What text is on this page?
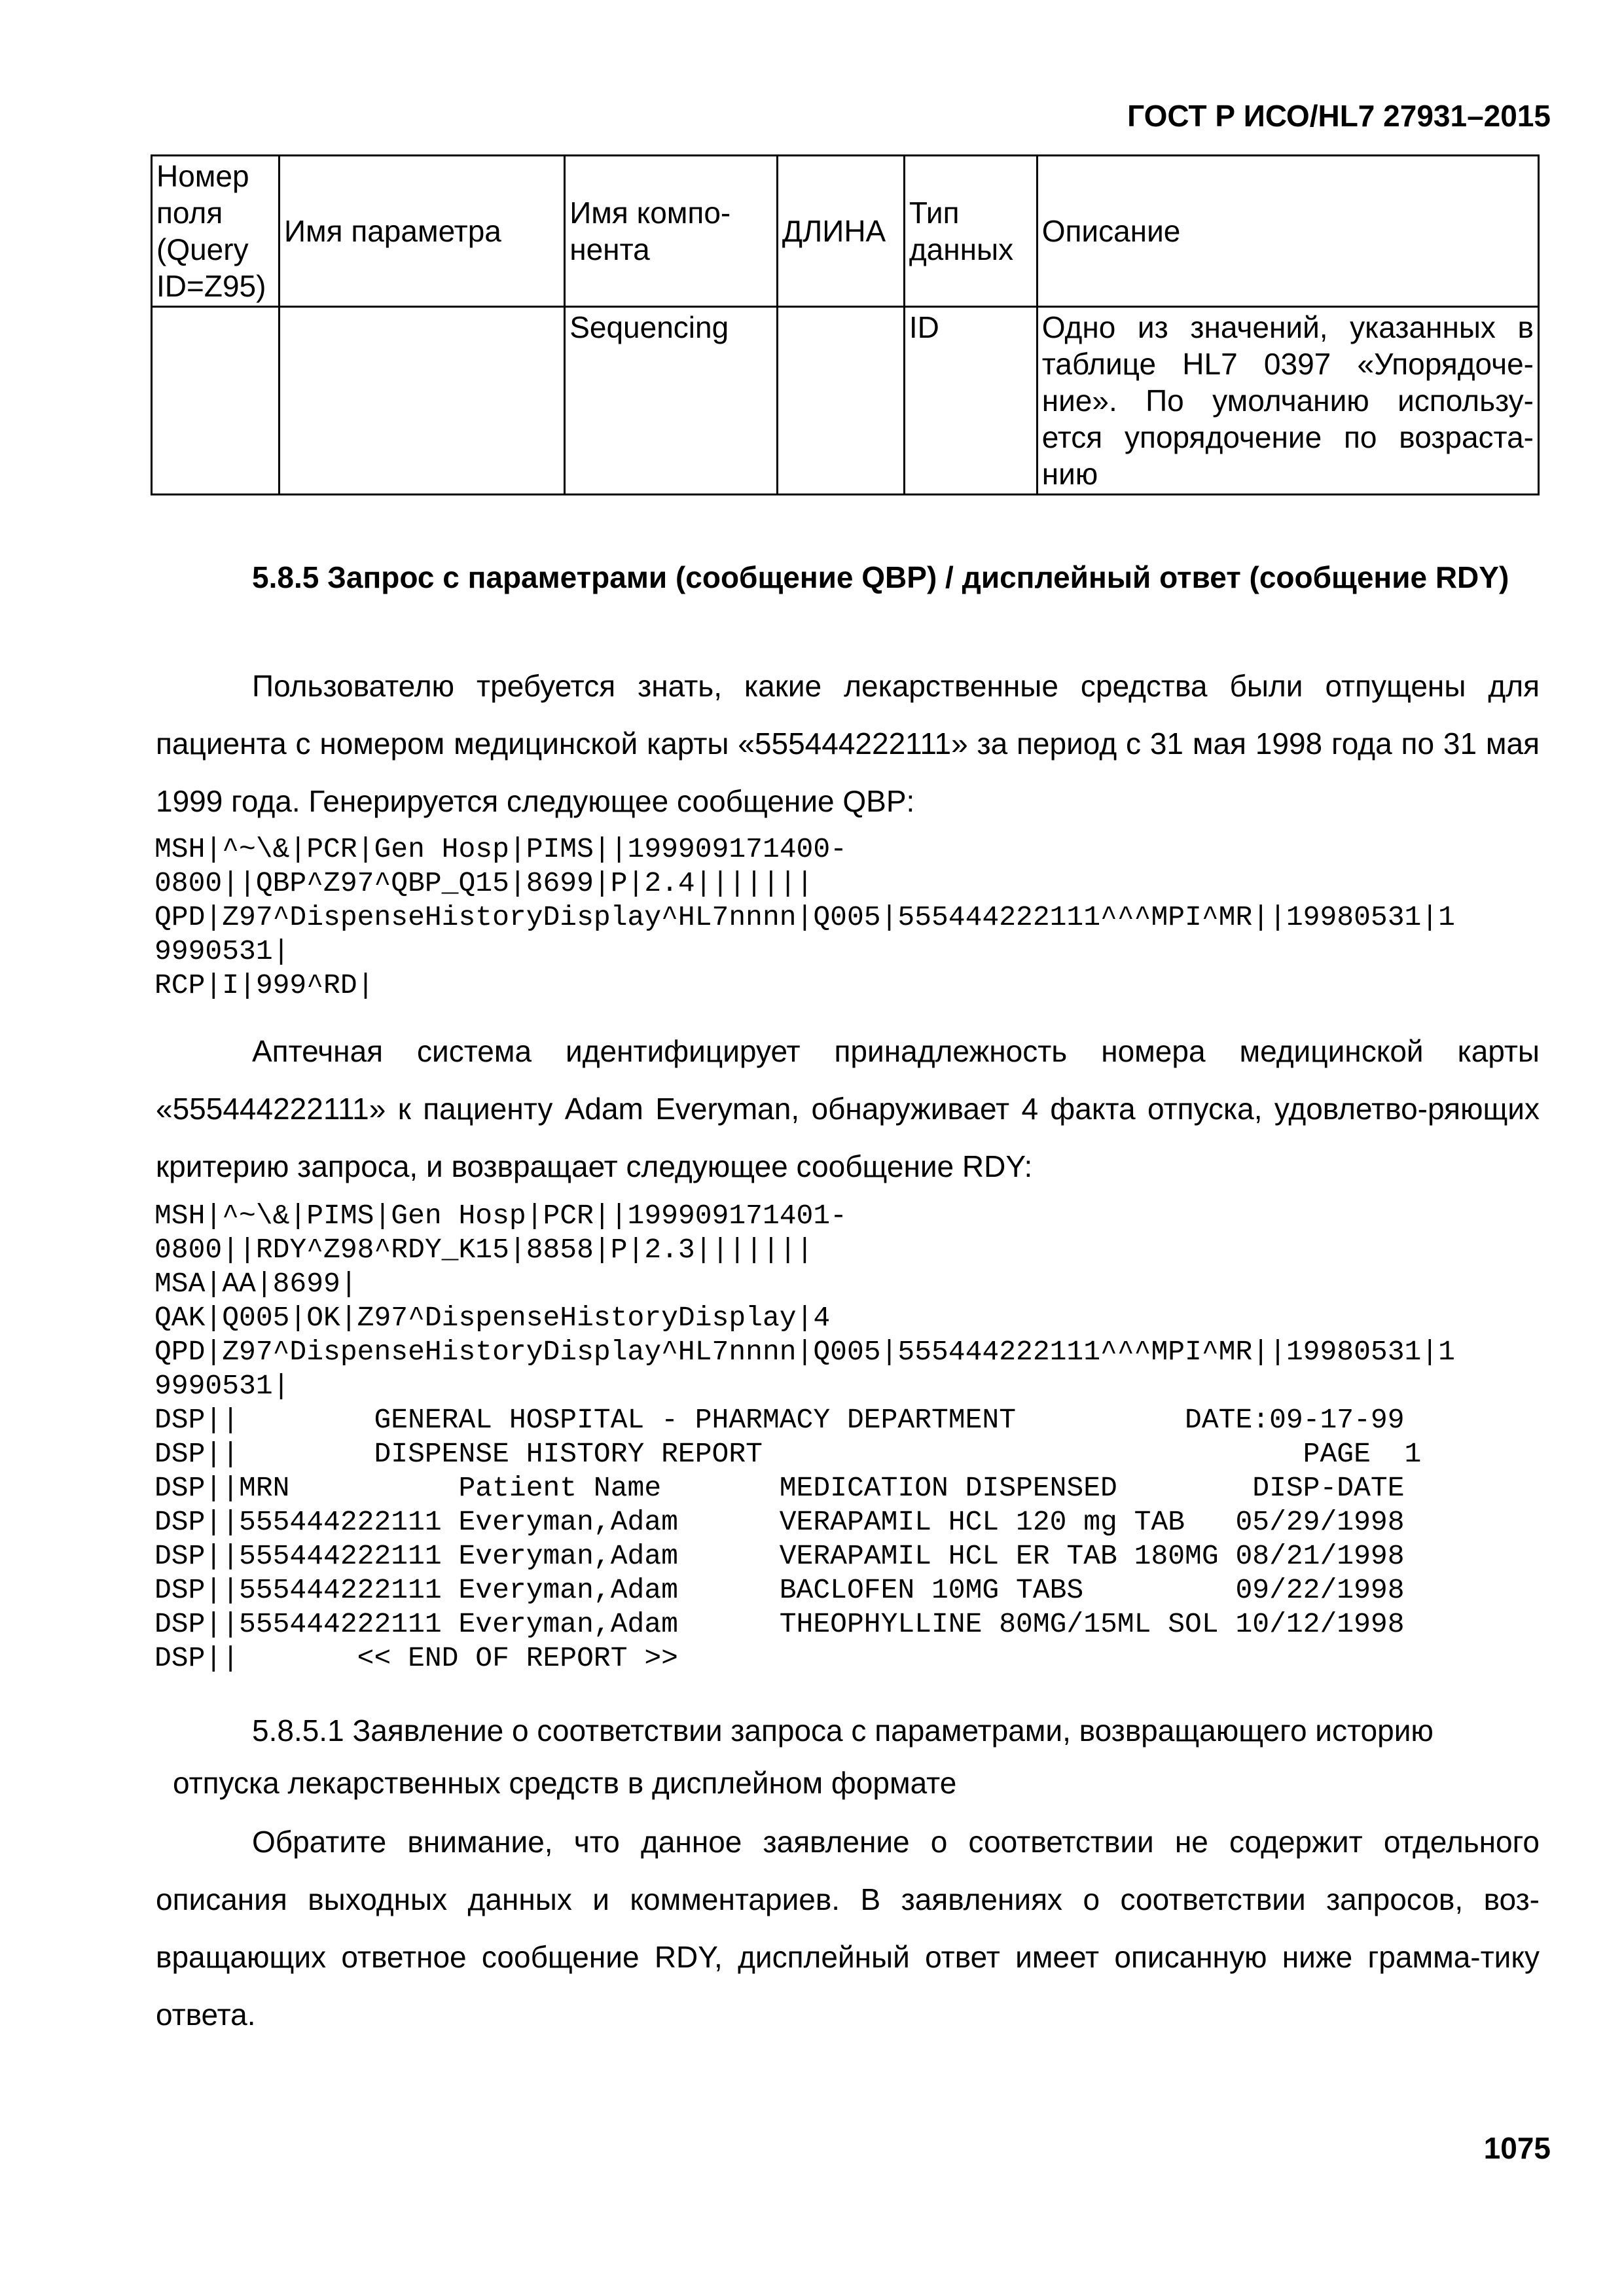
ГОСТ Р ИСО/HL7 27931–2015
Номер поля (Query ID=Z95)	Имя параметра	Имя компо-нента	ДЛИНА	Тип данных	Описание
		Sequencing		ID	Одно из значений, указанных в таблице HL7 0397 «Упорядоче-ние». По умолчанию использу-ется упорядочение по возраста-нию
5.8.5 Запрос с параметрами (сообщение QBP) / дисплейный ответ (сообщение RDY)
Пользователю требуется знать, какие лекарственные средства были отпущены для пациента с номером медицинской карты «555444222111» за период с 31 мая 1998 года по 31 мая 1999 года. Генерируется следующее сообщение QBP:
MSH|^~\&|PCR|Gen Hosp|PIMS||199909171400-
0800||QBP^Z97^QBP_Q15|8699|P|2.4|||||||
QPD|Z97^DispenseHistoryDisplay^HL7nnnn|Q005|555444222111^^^MPI^MR||19980531|1
9990531|
RCP|I|999^RD|
Аптечная система идентифицирует принадлежность номера медицинской карты «555444222111» к пациенту Adam Everyman, обнаруживает 4 факта отпуска, удовлетво-ряющих критерию запроса, и возвращает следующее сообщение RDY:
MSH|^~\&|PIMS|Gen Hosp|PCR||199909171401-
0800||RDY^Z98^RDY_K15|8858|P|2.3|||||||
MSA|AA|8699|
QAK|Q005|OK|Z97^DispenseHistoryDisplay|4
QPD|Z97^DispenseHistoryDisplay^HL7nnnn|Q005|555444222111^^^MPI^MR||19980531|1
9990531|
DSP||        GENERAL HOSPITAL - PHARMACY DEPARTMENT          DATE:09-17-99
DSP||        DISPENSE HISTORY REPORT                                PAGE  1
DSP||MRN          Patient Name       MEDICATION DISPENSED        DISP-DATE
DSP||555444222111 Everyman,Adam      VERAPAMIL HCL 120 mg TAB   05/29/1998
DSP||555444222111 Everyman,Adam      VERAPAMIL HCL ER TAB 180MG 08/21/1998
DSP||555444222111 Everyman,Adam      BACLOFEN 10MG TABS         09/22/1998
DSP||555444222111 Everyman,Adam      THEOPHYLLINE 80MG/15ML SOL 10/12/1998
DSP||       << END OF REPORT >>
5.8.5.1 Заявление о соответствии запроса с параметрами, возвращающего историю
отпуска лекарственных средств в дисплейном формате
Обратите внимание, что данное заявление о соответствии не содержит отдельного описания выходных данных и комментариев. В заявлениях о соответствии запросов, воз-вращающих ответное сообщение RDY, дисплейный ответ имеет описанную ниже грамма-тику ответа.
1075
